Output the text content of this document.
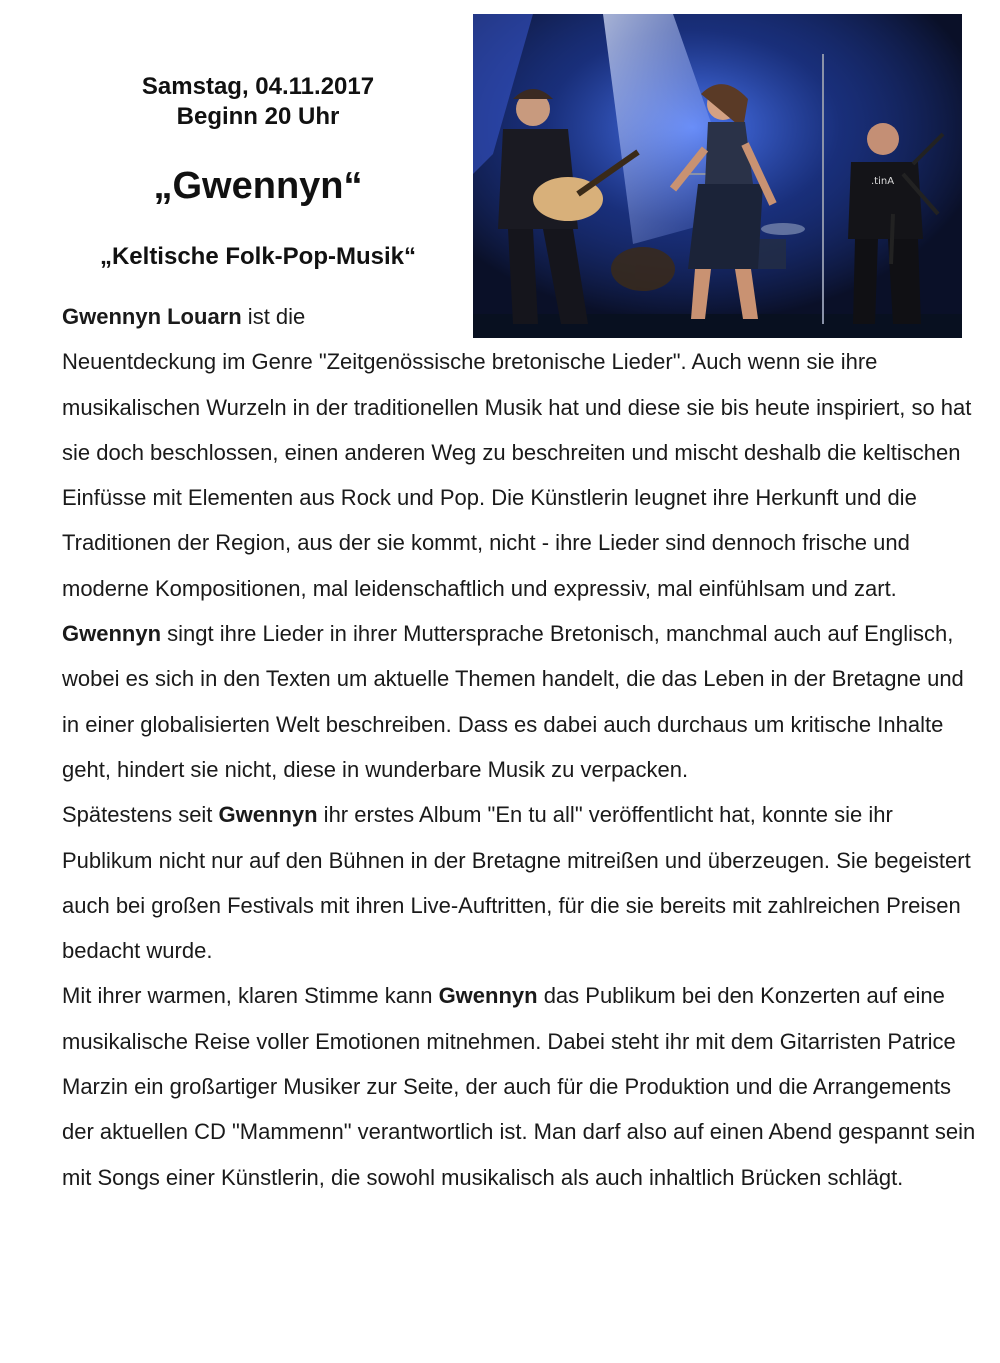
Samstag, 04.11.2017
Beginn 20 Uhr
„Gwennyn“
„Keltische Folk-Pop-Musik“
.tinA

Gwennyn Louarn ist die
Neuentdeckung im Genre "Zeitgenössische bretonische Lieder". Auch wenn sie ihre musikalischen Wurzeln in der traditionellen Musik hat und diese sie bis heute inspiriert, so hat sie doch beschlossen, einen anderen Weg zu beschreiten und mischt deshalb die keltischen Einfüsse mit Elementen aus Rock und Pop. Die Künstlerin leugnet ihre Herkunft und die Traditionen der Region, aus der sie kommt, nicht - ihre Lieder sind dennoch frische und moderne Kompositionen, mal leidenschaftlich und expressiv, mal einfühlsam und zart.

Gwennyn singt ihre Lieder in ihrer Muttersprache Bretonisch, manchmal auch auf Englisch, wobei es sich in den Texten um aktuelle Themen handelt, die das Leben in der Bretagne und in einer globalisierten Welt beschreiben. Dass es dabei auch durchaus um kritische Inhalte geht, hindert sie nicht, diese in wunderbare Musik zu verpacken.

Spätestens seit Gwennyn ihr erstes Album "En tu all" veröffentlicht hat, konnte sie ihr Publikum nicht nur auf den Bühnen in der Bretagne mitreißen und überzeugen. Sie begeistert auch bei großen Festivals mit ihren Live-Auftritten, für die sie bereits mit zahlreichen Preisen bedacht wurde.

Mit ihrer warmen, klaren Stimme kann Gwennyn das Publikum bei den Konzerten auf eine musikalische Reise voller Emotionen mitnehmen. Dabei steht ihr mit dem Gitarristen Patrice Marzin ein großartiger Musiker zur Seite, der auch für die Produktion und die Arrangements der aktuellen CD "Mammenn" verantwortlich ist. Man darf also auf einen Abend gespannt sein mit Songs einer Künstlerin, die sowohl musikalisch als auch inhaltlich Brücken schlägt.
